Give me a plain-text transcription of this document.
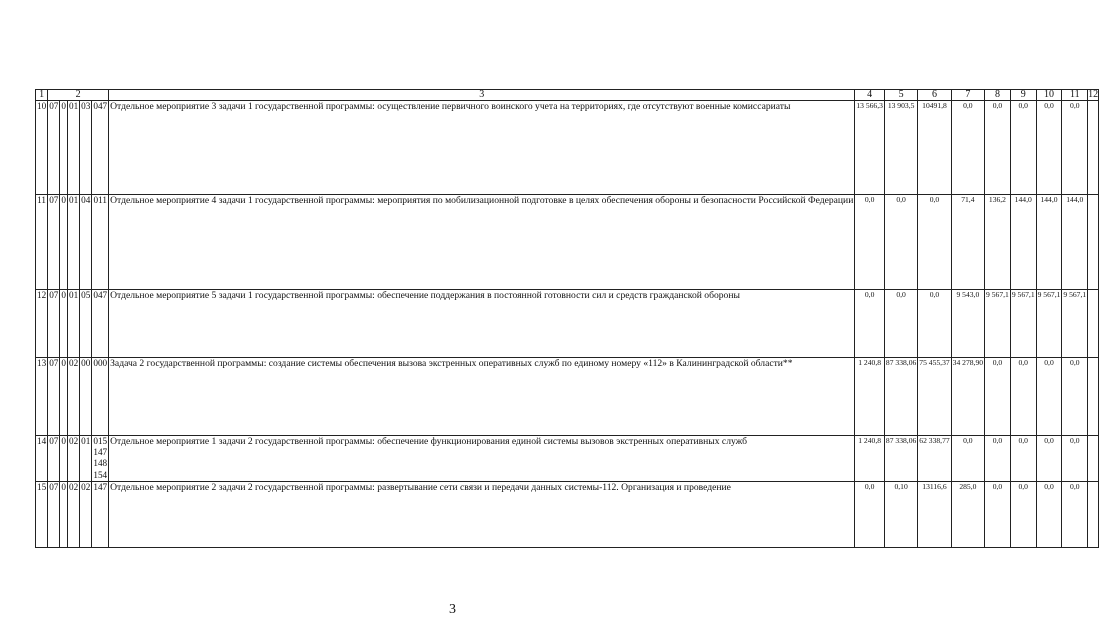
1	2					3	4	5	6	7	8	9	10	11	12
10	07	0	01	03	047	Отдельное мероприятие 3 задачи 1 государственной программы: осуществление первичного воинского учета на территориях, где отсутствуют военные комиссариаты	13 566,3	13 903,5	10491,8	0,0	0,0	0,0	0,0	0,0	
11	07	0	01	04	011	Отдельное мероприятие 4 задачи 1 государственной программы: мероприятия по мобилизационной подготовке в целях обеспечения обороны и безопасности Российской Федерации	0,0	0,0	0,0	71,4	136,2	144,0	144,0	144,0	
12	07	0	01	05	047	Отдельное мероприятие 5 задачи 1 государственной программы: обеспечение поддержания в постоянной готовности сил и средств гражданской обороны	0,0	0,0	0,0	9 543,0	9 567,1	9 567,1	9 567,1	9 567,1	
13	07	0	02	00	000	Задача 2 государственной программы: создание системы обеспечения вызова экстренных оперативных служб по единому номеру «112» в Калининградской области**	1 240,8	87 338,06	75 455,37	34 278,90	0,0	0,0	0,0	0,0	
14	07	0	02	01	015
147
148
154	Отдельное мероприятие 1 задачи 2 государственной программы: обеспечение функционирования единой системы вызовов экстренных оперативных служб	1 240,8	87 338,06	62 338,77	0,0	0,0	0,0	0,0	0,0	
15	07	0	02	02	147	Отдельное мероприятие 2 задачи 2 государственной программы: развертывание сети связи и передачи данных системы-112. Организация и проведение	0,0	0,10	13116,6	285,0	0,0	0,0	0,0	0,0	
3
